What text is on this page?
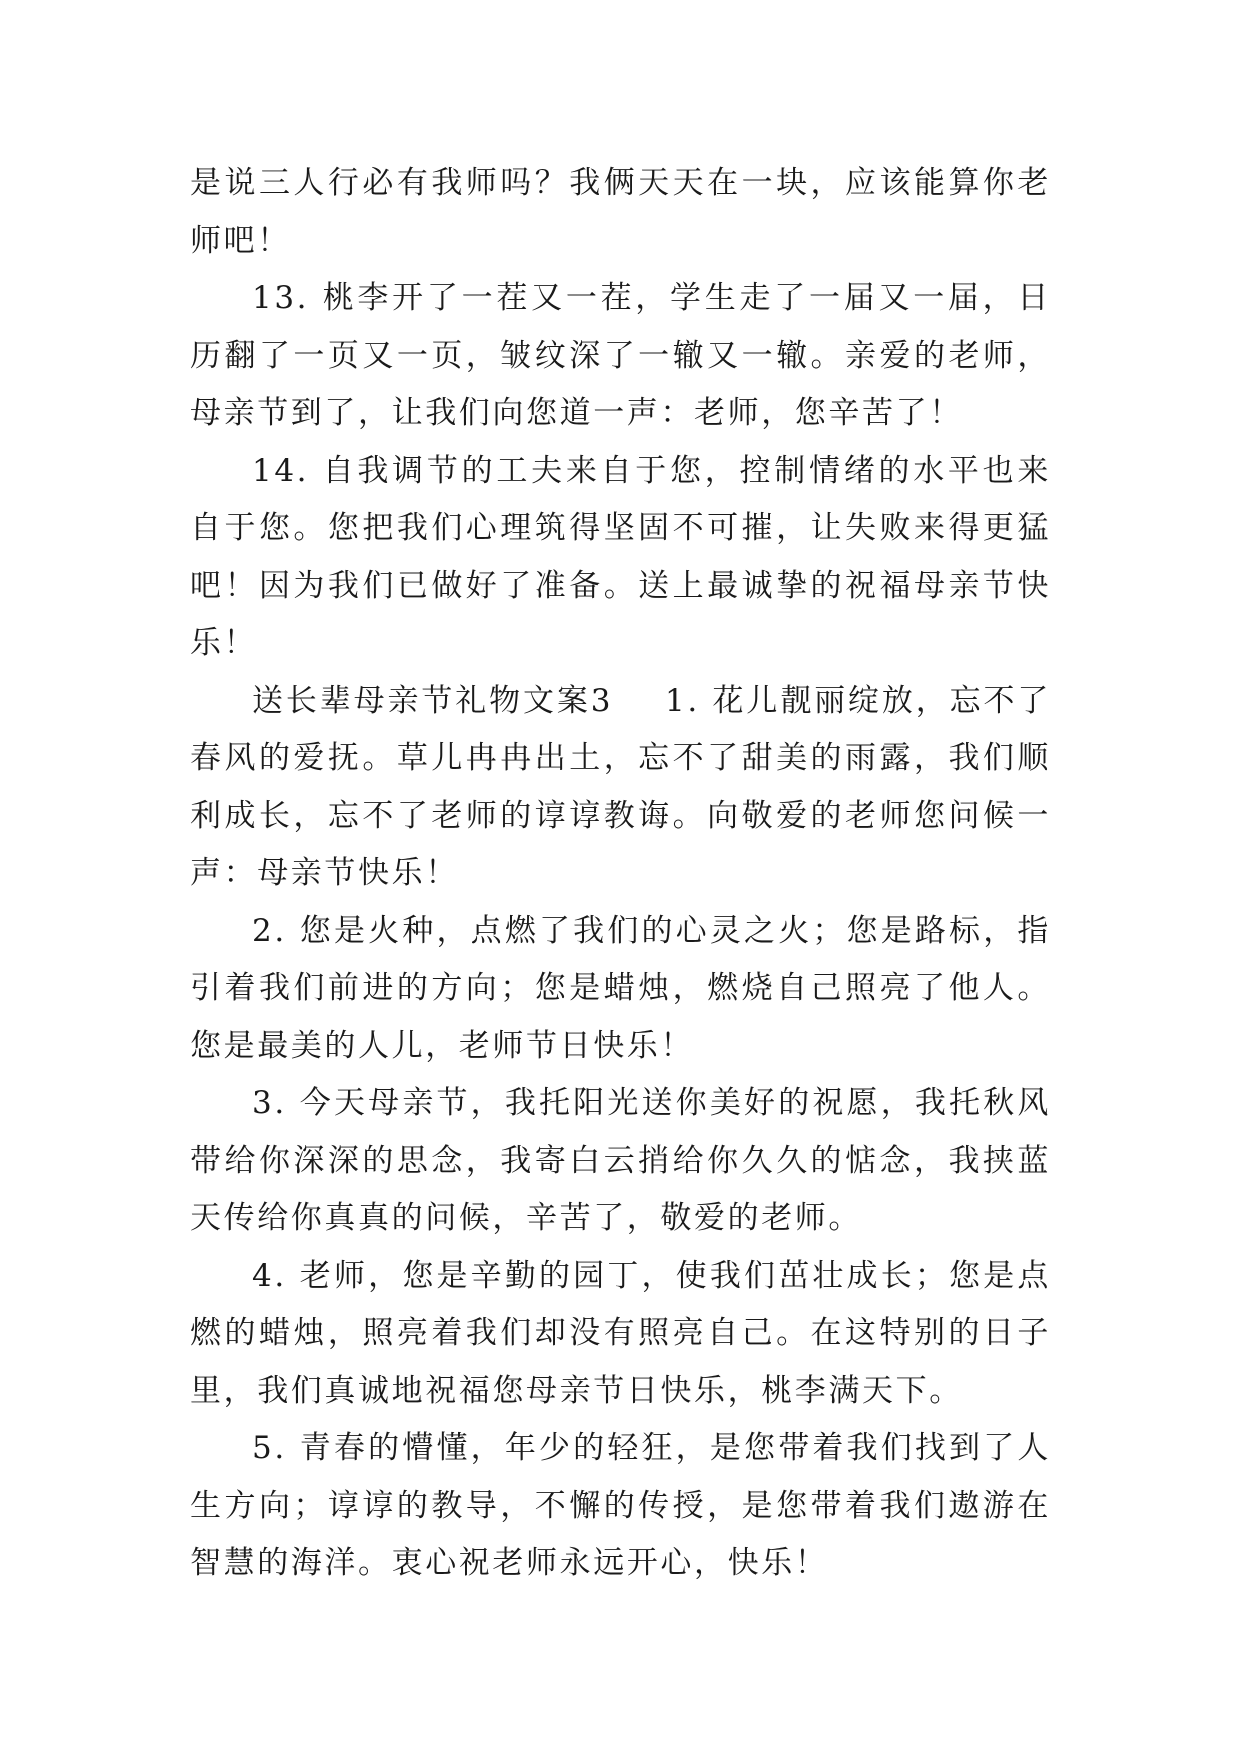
是说三人行必有我师吗？我俩天天在一块，应该能算你老师吧！

13. 桃李开了一茬又一茬，学生走了一届又一届，日历翻了一页又一页，皱纹深了一辙又一辙。亲爱的老师，母亲节到了，让我们向您道一声：老师，您辛苦了！

14. 自我调节的工夫来自于您，控制情绪的水平也来自于您。您把我们心理筑得坚固不可摧，让失败来得更猛吧！因为我们已做好了准备。送上最诚挚的祝福母亲节快乐！

送长辈母亲节礼物文案3 1. 花儿靓丽绽放，忘不了春风的爱抚。草儿冉冉出土，忘不了甜美的雨露，我们顺利成长，忘不了老师的谆谆教诲。向敬爱的老师您问候一声：母亲节快乐！

2. 您是火种，点燃了我们的心灵之火；您是路标，指引着我们前进的方向；您是蜡烛，燃烧自己照亮了他人。您是最美的人儿，老师节日快乐！

3. 今天母亲节，我托阳光送你美好的祝愿，我托秋风带给你深深的思念，我寄白云捎给你久久的惦念，我挟蓝天传给你真真的问候，辛苦了，敬爱的老师。

4. 老师，您是辛勤的园丁，使我们茁壮成长；您是点燃的蜡烛，照亮着我们却没有照亮自己。在这特别的日子里，我们真诚地祝福您母亲节日快乐，桃李满天下。

5. 青春的懵懂，年少的轻狂，是您带着我们找到了人生方向；谆谆的教导，不懈的传授，是您带着我们遨游在智慧的海洋。衷心祝老师永远开心，快乐！
